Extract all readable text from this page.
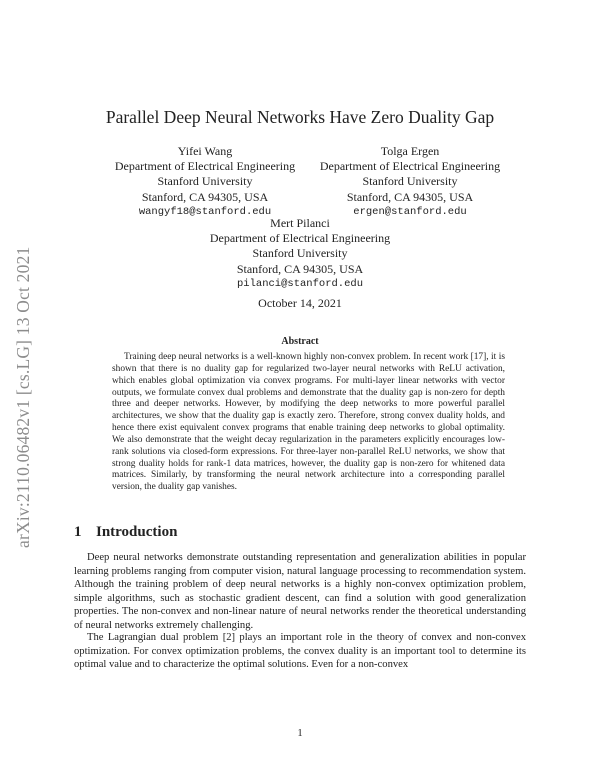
arXiv:2110.06482v1 [cs.LG] 13 Oct 2021
Parallel Deep Neural Networks Have Zero Duality Gap
Yifei Wang
Department of Electrical Engineering
Stanford University
Stanford, CA 94305, USA
wangyf18@stanford.edu
Tolga Ergen
Department of Electrical Engineering
Stanford University
Stanford, CA 94305, USA
ergen@stanford.edu
Mert Pilanci
Department of Electrical Engineering
Stanford University
Stanford, CA 94305, USA
pilanci@stanford.edu
October 14, 2021
Abstract

Training deep neural networks is a well-known highly non-convex problem. In recent work [17], it is shown that there is no duality gap for regularized two-layer neural networks with ReLU activation, which enables global optimization via convex programs. For multi-layer linear networks with vector outputs, we formulate convex dual problems and demonstrate that the duality gap is non-zero for depth three and deeper networks. However, by modifying the deep networks to more powerful parallel architectures, we show that the duality gap is exactly zero. Therefore, strong convex duality holds, and hence there exist equivalent convex programs that enable training deep networks to global optimality. We also demonstrate that the weight decay regularization in the parameters explicitly encourages low-rank solutions via closed-form expressions. For three-layer non-parallel ReLU networks, we show that strong duality holds for rank-1 data matrices, however, the duality gap is non-zero for whitened data matrices. Similarly, by transforming the neural network architecture into a corresponding parallel version, the duality gap vanishes.

1 Introduction

Deep neural networks demonstrate outstanding representation and generalization abilities in popular learning problems ranging from computer vision, natural language processing to recommendation system. Although the training problem of deep neural networks is a highly non-convex optimization problem, simple algorithms, such as stochastic gradient descent, can find a solution with good generalization properties. The non-convex and non-linear nature of neural networks render the theoretical understanding of neural networks extremely challenging.

The Lagrangian dual problem [2] plays an important role in the theory of convex and non-convex optimization. For convex optimization problems, the convex duality is an important tool to determine its optimal value and to characterize the optimal solutions. Even for a non-convex

1
